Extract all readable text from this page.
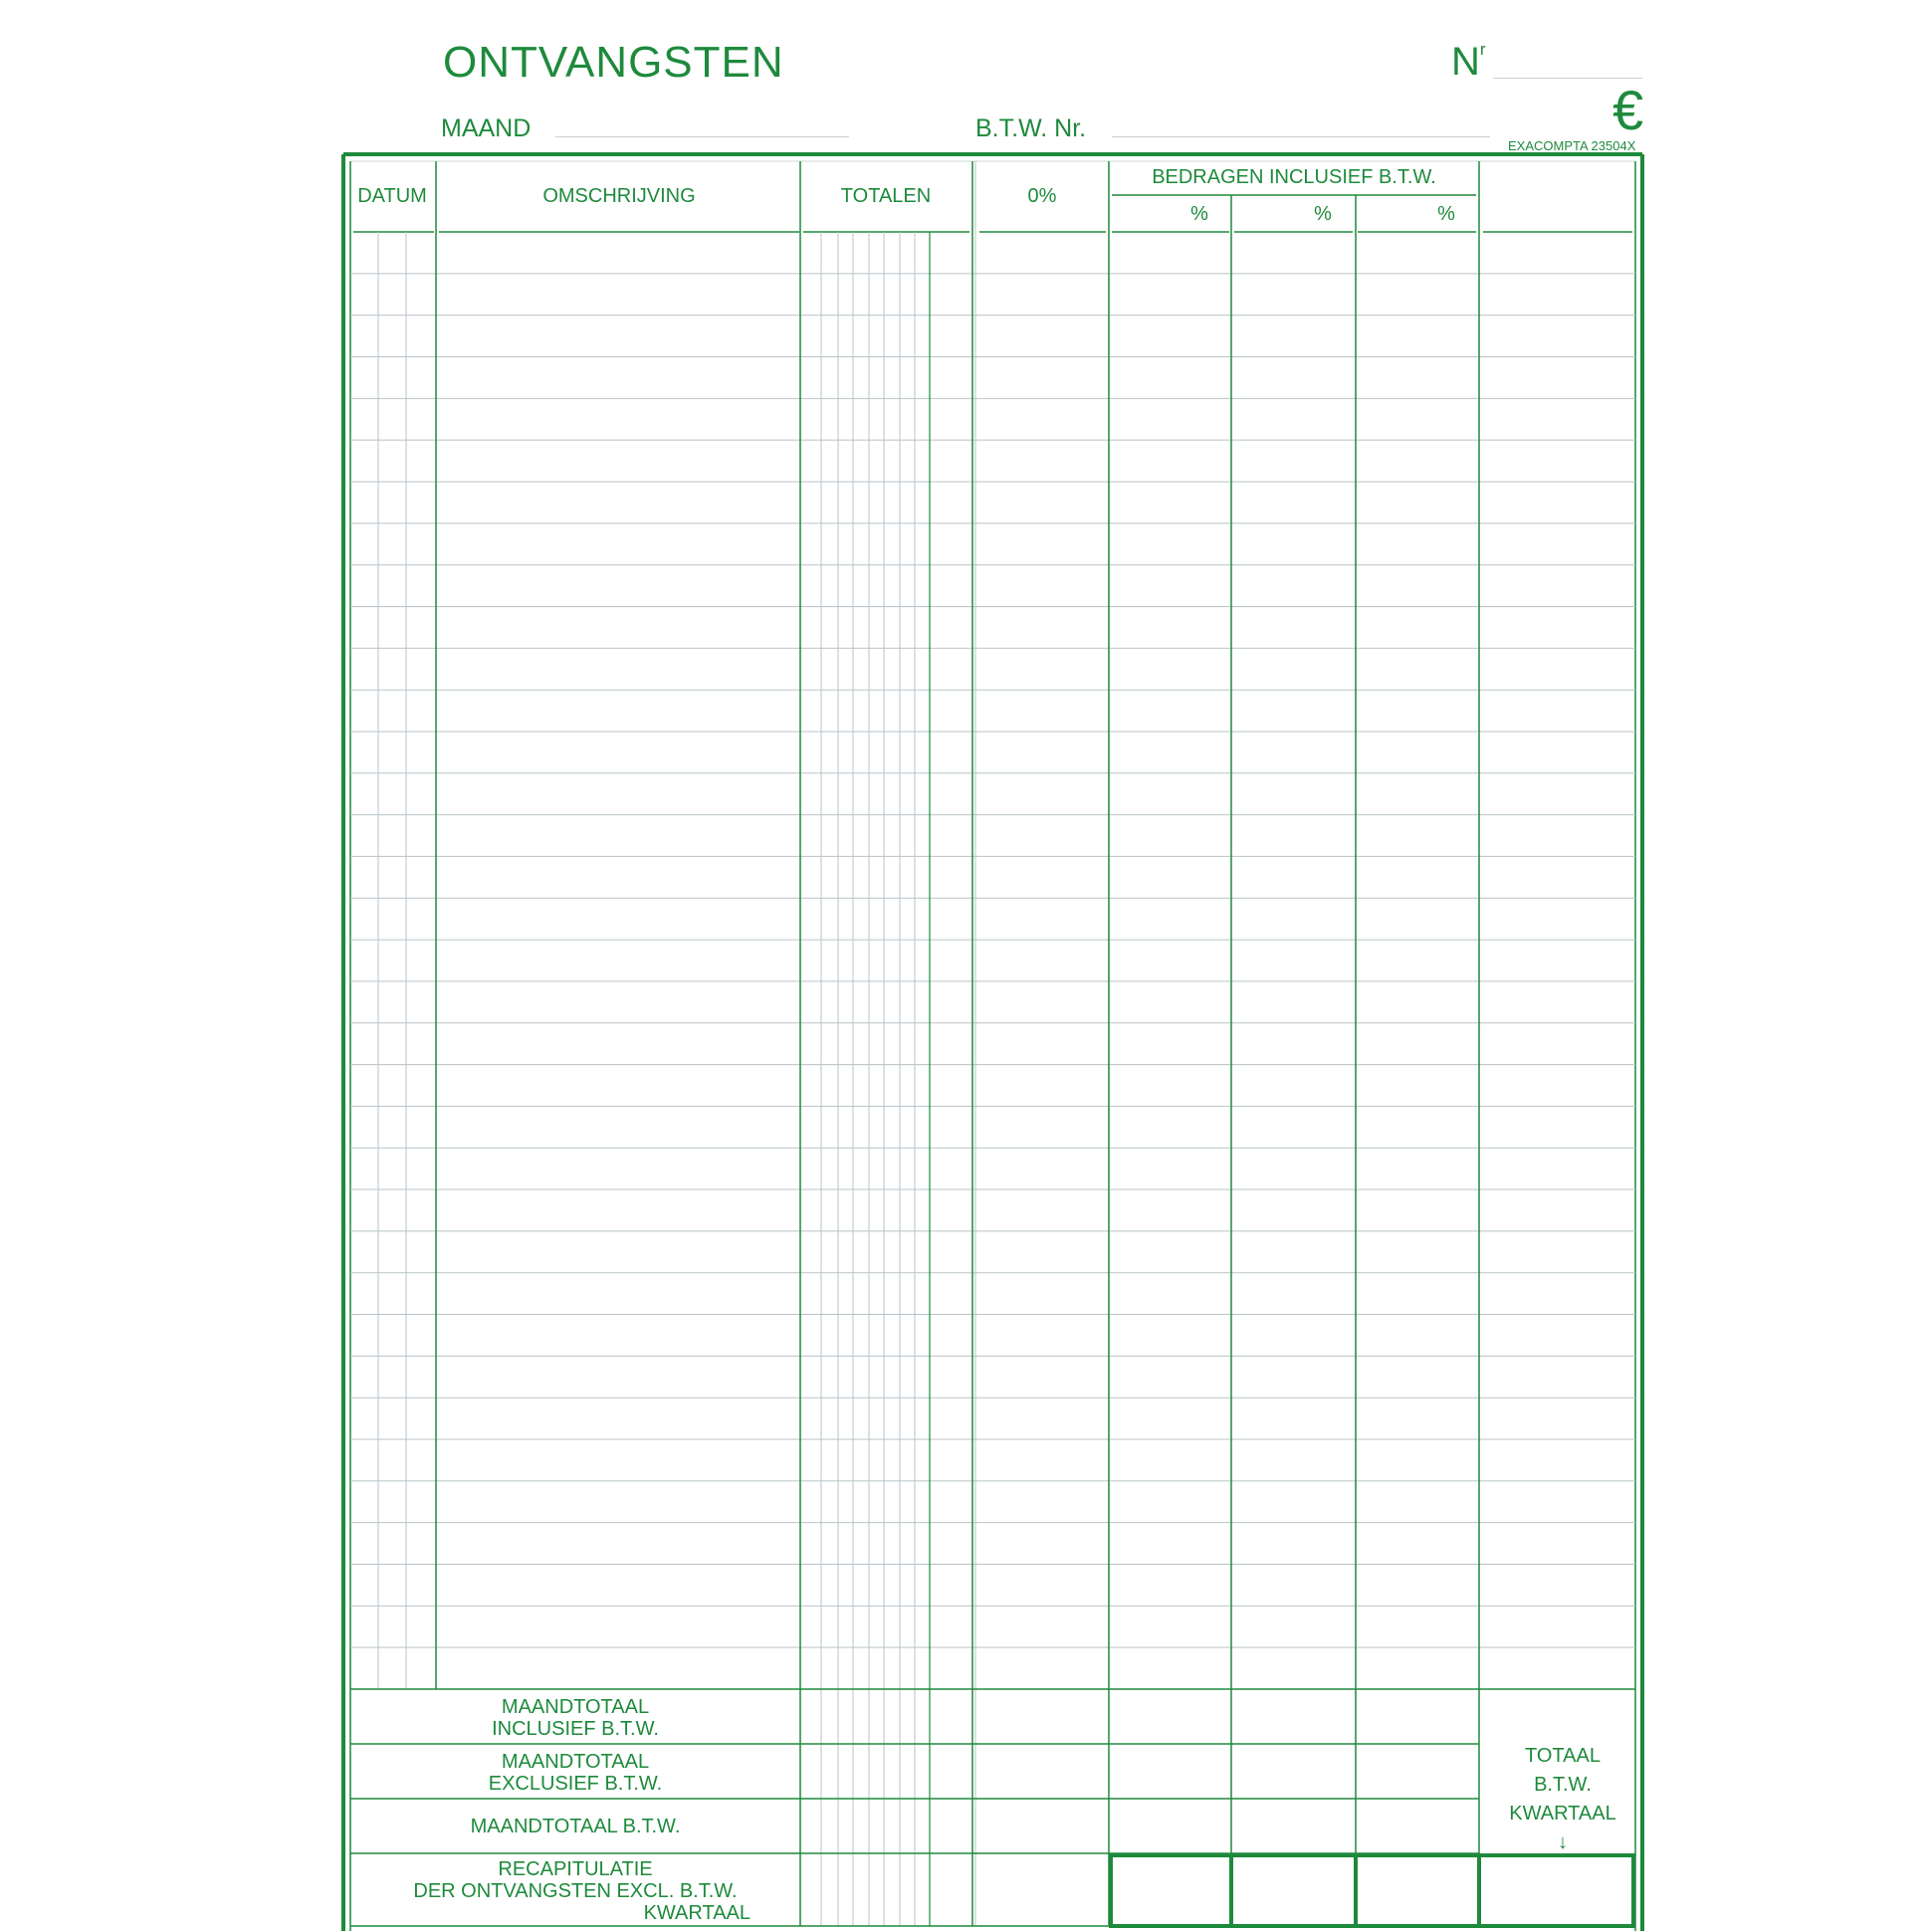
ONTVANGSTEN	$N^r$
€
EXACOMPTA 23504X
MAAND	B.T.W. Nr.
DATUM	OMSCHRIJVING	TOTALEN	0%
BEDRAGEN INCLUSIEF B.T.W.
%	%	%
MAANDTOTAAL
INCLUSIEF B.T.W.
MAANDTOTAAL
EXCLUSIEF B.T.W.
MAANDTOTAAL B.T.W.
RECAPITULATIE
DER ONTVANGSTEN EXCL. B.T.W.
KWARTAAL
TOTAAL
B.T.W.
KWARTAAL
↓
